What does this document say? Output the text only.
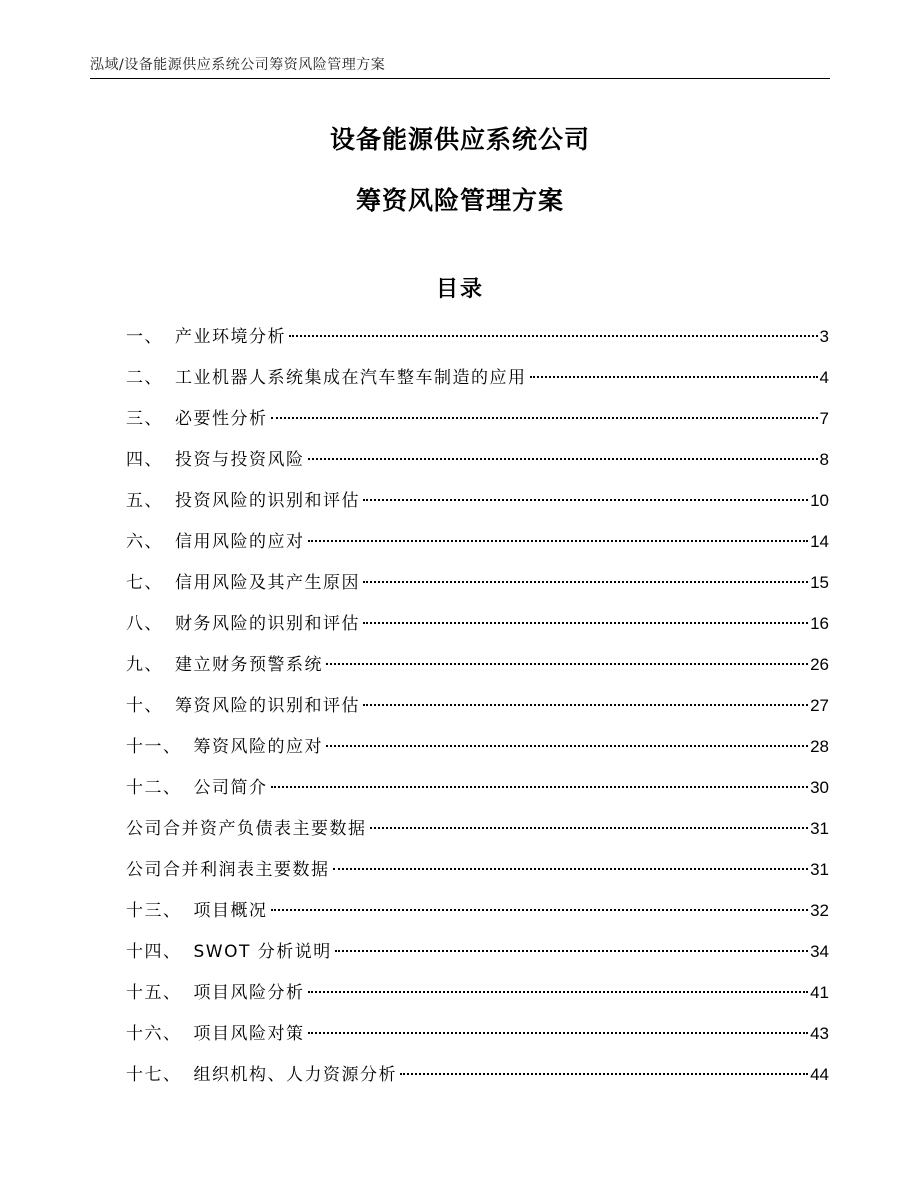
泓域/设备能源供应系统公司筹资风险管理方案
设备能源供应系统公司
筹资风险管理方案
目录
一、 产业环境分析	3
二、 工业机器人系统集成在汽车整车制造的应用	4
三、 必要性分析	7
四、 投资与投资风险	8
五、 投资风险的识别和评估	10
六、 信用风险的应对	14
七、 信用风险及其产生原因	15
八、 财务风险的识别和评估	16
九、 建立财务预警系统	26
十、 筹资风险的识别和评估	27
十一、 筹资风险的应对	28
十二、 公司简介	30
公司合并资产负债表主要数据	31
公司合并利润表主要数据	31
十三、 项目概况	32
十四、 SWOT 分析说明	34
十五、 项目风险分析	41
十六、 项目风险对策	43
十七、 组织机构、人力资源分析	44
